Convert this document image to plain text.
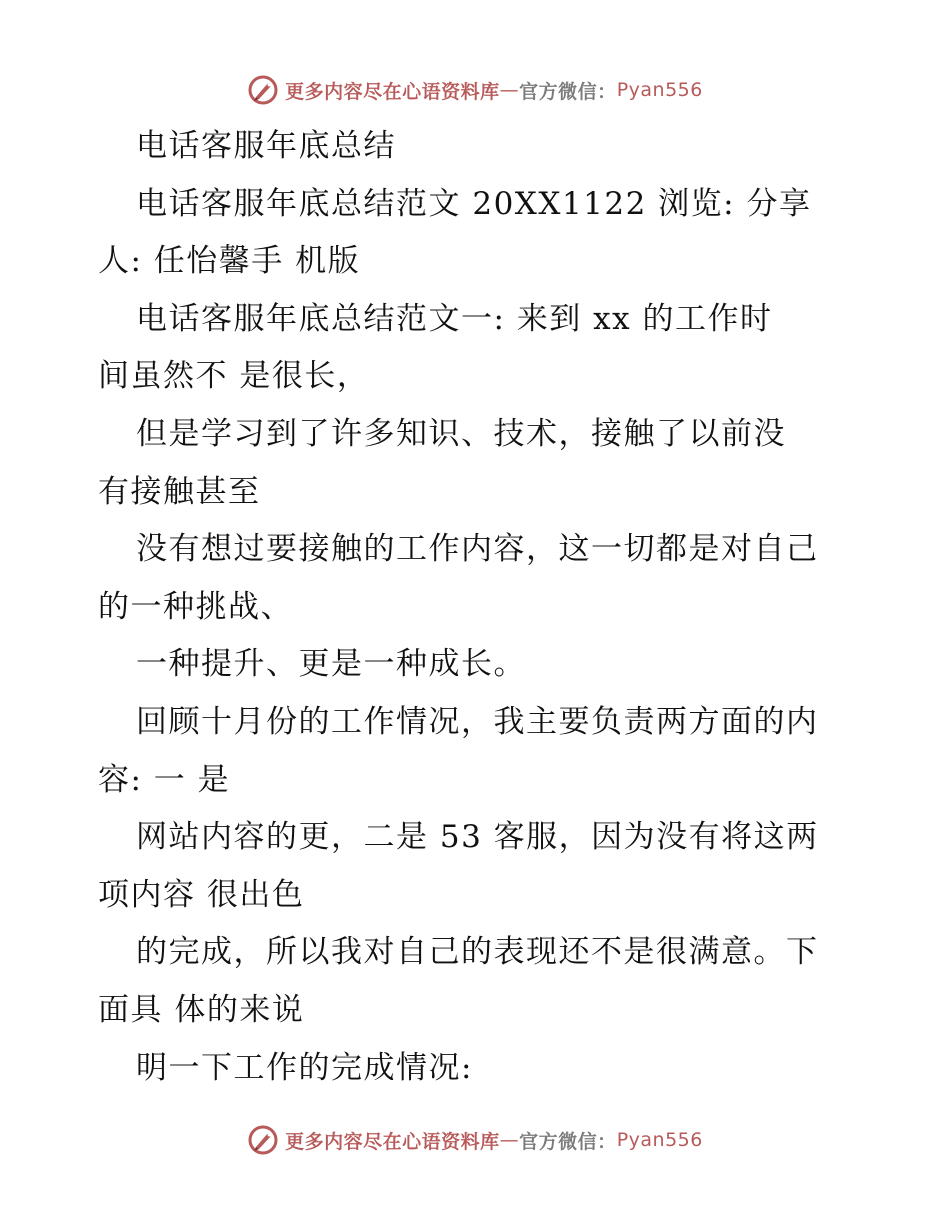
更多内容尽在心语资料库 — 官方微信： Pyan556
电话客服年底总结
电话客服年底总结范文 20XX1122 浏览: 分享
人: 任怡馨手 机版
电话客服年底总结范文一: 来到 xx 的工作时
间虽然不 是很长，
但是学习到了许多知识、技术，接触了以前没
有接触甚至
没有想过要接触的工作内容，这一切都是对自己
的一种挑战、
一种提升、更是一种成长。
回顾十月份的工作情况，我主要负责两方面的内
容: 一 是
网站内容的更，二是 53 客服，因为没有将这两
项内容 很出色
的完成，所以我对自己的表现还不是很满意。下
面具 体的来说
明一下工作的完成情况:
更多内容尽在心语资料库 — 官方微信： Pyan556
